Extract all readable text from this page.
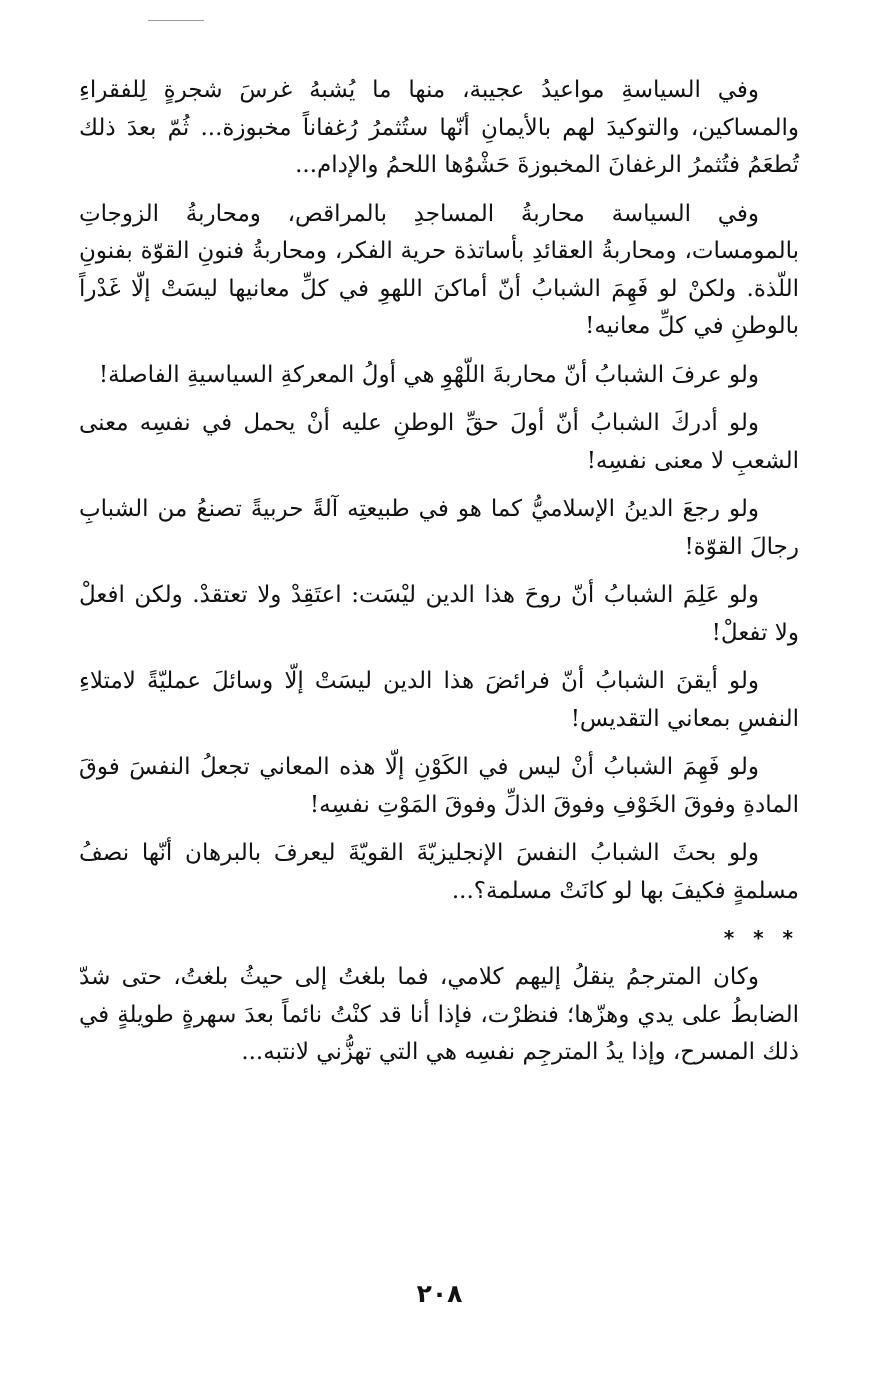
وفي السياسةِ مواعيدُ عجيبة، منها ما يُشبهُ غرسَ شجرةٍ لِلفقراءِ والمساكين، والتوكيدَ لهم بالأيمانِ أنّها ستُثمرُ رُغفاناً مخبوزة... ثُمّ بعدَ ذلك تُطعَمُ فتُثمرُ الرغفانَ المخبوزةَ حَشْوُها اللحمُ والإدام...

وفي السياسة محاربةُ المساجدِ بالمراقص، ومحاربةُ الزوجاتِ بالمومسات، ومحاربةُ العقائدِ بأساتذة حرية الفكر، ومحاربةُ فنونِ القوّة بفنونِ اللّذة. ولكنْ لو فَهِمَ الشبابُ أنّ أماكنَ اللهوِ في كلِّ معانيها ليسَتْ إلّا غَدْراً بالوطنِ في كلِّ معانيه!

ولو عرفَ الشبابُ أنّ محاربةَ اللّهْوِ هي أولُ المعركةِ السياسيةِ الفاصلة!

ولو أدركَ الشبابُ أنّ أولَ حقِّ الوطنِ عليه أنْ يحمل في نفسِه معنى الشعبِ لا معنى نفسِه!

ولو رجعَ الدينُ الإسلاميُّ كما هو في طبيعتِه آلةً حربيةً تصنعُ من الشبابِ رجالَ القوّة!

ولو عَلِمَ الشبابُ أنّ روحَ هذا الدين ليْسَت: اعتَقِدْ ولا تعتقدْ. ولكن افعلْ ولا تفعلْ!

ولو أيقنَ الشبابُ أنّ فرائضَ هذا الدين ليسَتْ إلّا وسائلَ عمليّةً لامتلاءِ النفسِ بمعاني التقديس!

ولو فَهِمَ الشبابُ أنْ ليس في الكَوْنِ إلّا هذه المعاني تجعلُ النفسَ فوقَ المادةِ وفوقَ الخَوْفِ وفوقَ الذلِّ وفوقَ المَوْتِ نفسِه!

ولو بحثَ الشبابُ النفسَ الإنجليزيّةَ القويّةَ ليعرفَ بالبرهان أنّها نصفُ مسلمةٍ فكيفَ بها لو كانَتْ مسلمة؟...

* * *

وكان المترجمُ ينقلُ إليهم كلامي، فما بلغتُ إلى حيثُ بلغتُ، حتى شدّ الضابطُ على يدي وهزّها؛ فنظرْت، فإذا أنا قد كنْتُ نائماً بعدَ سهرةٍ طويلةٍ في ذلك المسرح، وإذا يدُ المترجِم نفسِه هي التي تهزُّني لانتبه...

٢٠٨
